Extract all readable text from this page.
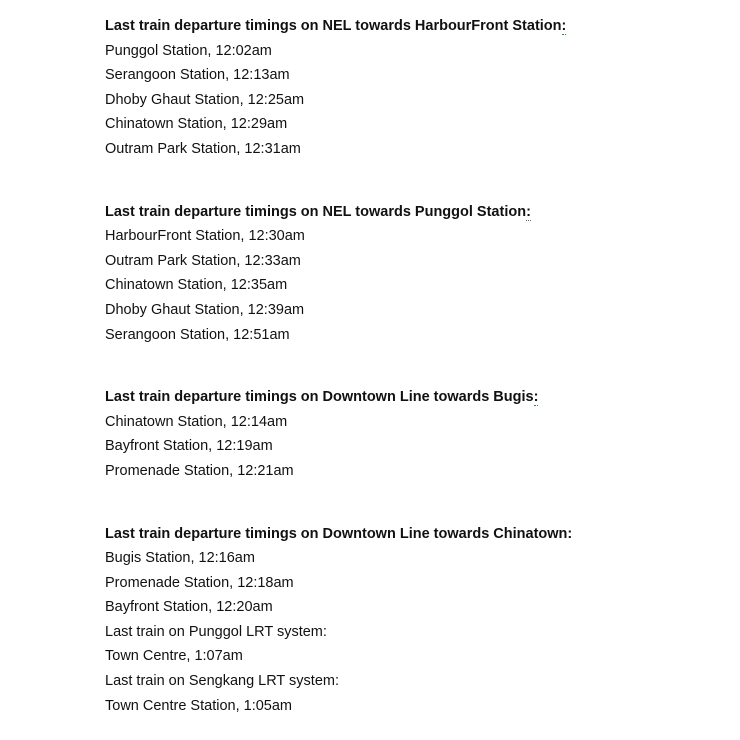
Last train departure timings on NEL towards HarbourFront Station:
Punggol Station, 12:02am
Serangoon Station, 12:13am
Dhoby Ghaut Station, 12:25am
Chinatown Station, 12:29am
Outram Park Station, 12:31am
Last train departure timings on NEL towards Punggol Station:
HarbourFront Station, 12:30am
Outram Park Station, 12:33am
Chinatown Station, 12:35am
Dhoby Ghaut Station, 12:39am
Serangoon Station, 12:51am
Last train departure timings on Downtown Line towards Bugis:
Chinatown Station, 12:14am
Bayfront Station, 12:19am
Promenade Station, 12:21am
Last train departure timings on Downtown Line towards Chinatown:
Bugis Station, 12:16am
Promenade Station, 12:18am
Bayfront Station, 12:20am
Last train on Punggol LRT system:
Town Centre, 1:07am
Last train on Sengkang LRT system:
Town Centre Station, 1:05am
